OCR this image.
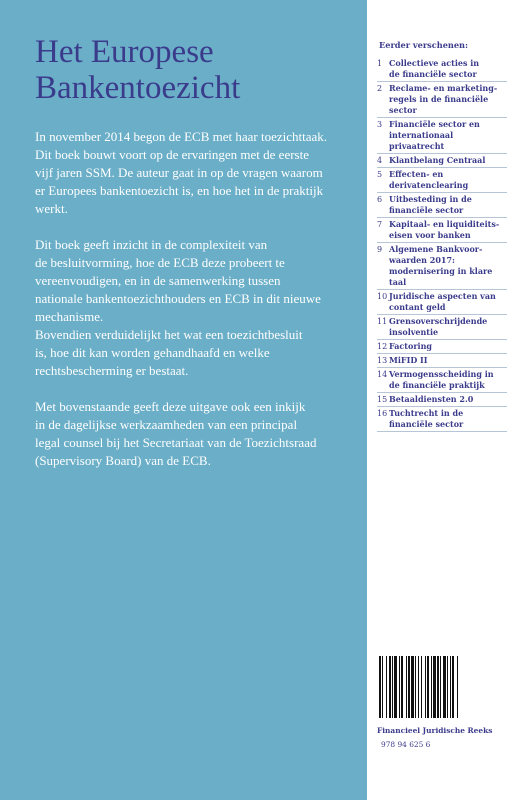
Het Europese
Bankentoezicht

In november 2014 begon de ECB met haar toezichttaak.
Dit boek bouwt voort op de ervaringen met de eerste
vijf jaren SSM. De auteur gaat in op de vragen waarom
er Europees bankentoezicht is, en hoe het in de praktijk
werkt.

Dit boek geeft inzicht in de complexiteit van
de besluitvorming, hoe de ECB deze probeert te
vereenvoudigen, en in de samenwerking tussen
nationale bankentoezichthouders en ECB in dit nieuwe
mechanisme.
Bovendien verduidelijkt het wat een toezichtbesluit
is, hoe dit kan worden gehandhaafd en welke
rechtsbescherming er bestaat.

Met bovenstaande geeft deze uitgave ook een inkijk
in de dagelijkse werkzaamheden van een principal
legal counsel bij het Secretariaat van de Toezichtsraad
(Supervisory Board) van de ECB.

Eerder verschenen:
1 Collectieve acties in
de financiële sector
2 Reclame- en marketing-
regels in de financiële
sector
3 Financiële sector en
internationaal
privaatrecht
4 Klantbelang Centraal
5 Effecten- en
derivatenclearing
6 Uitbesteding in de
financiële sector
7 Kapitaal- en liquiditeits-
eisen voor banken
9 Algemene Bankvoor-
waarden 2017:
modernisering in klare
taal
10 Juridische aspecten van
contant geld
11 Grensoverschrijdende
insolventie
12 Factoring
13 MiFID II
14 Vermogensscheiding in
de financiële praktijk
15 Betaaldiensten 2.0
16 Tuchtrecht in de
financiële sector
Financieel Juridische Reeks
978 94 625 6
